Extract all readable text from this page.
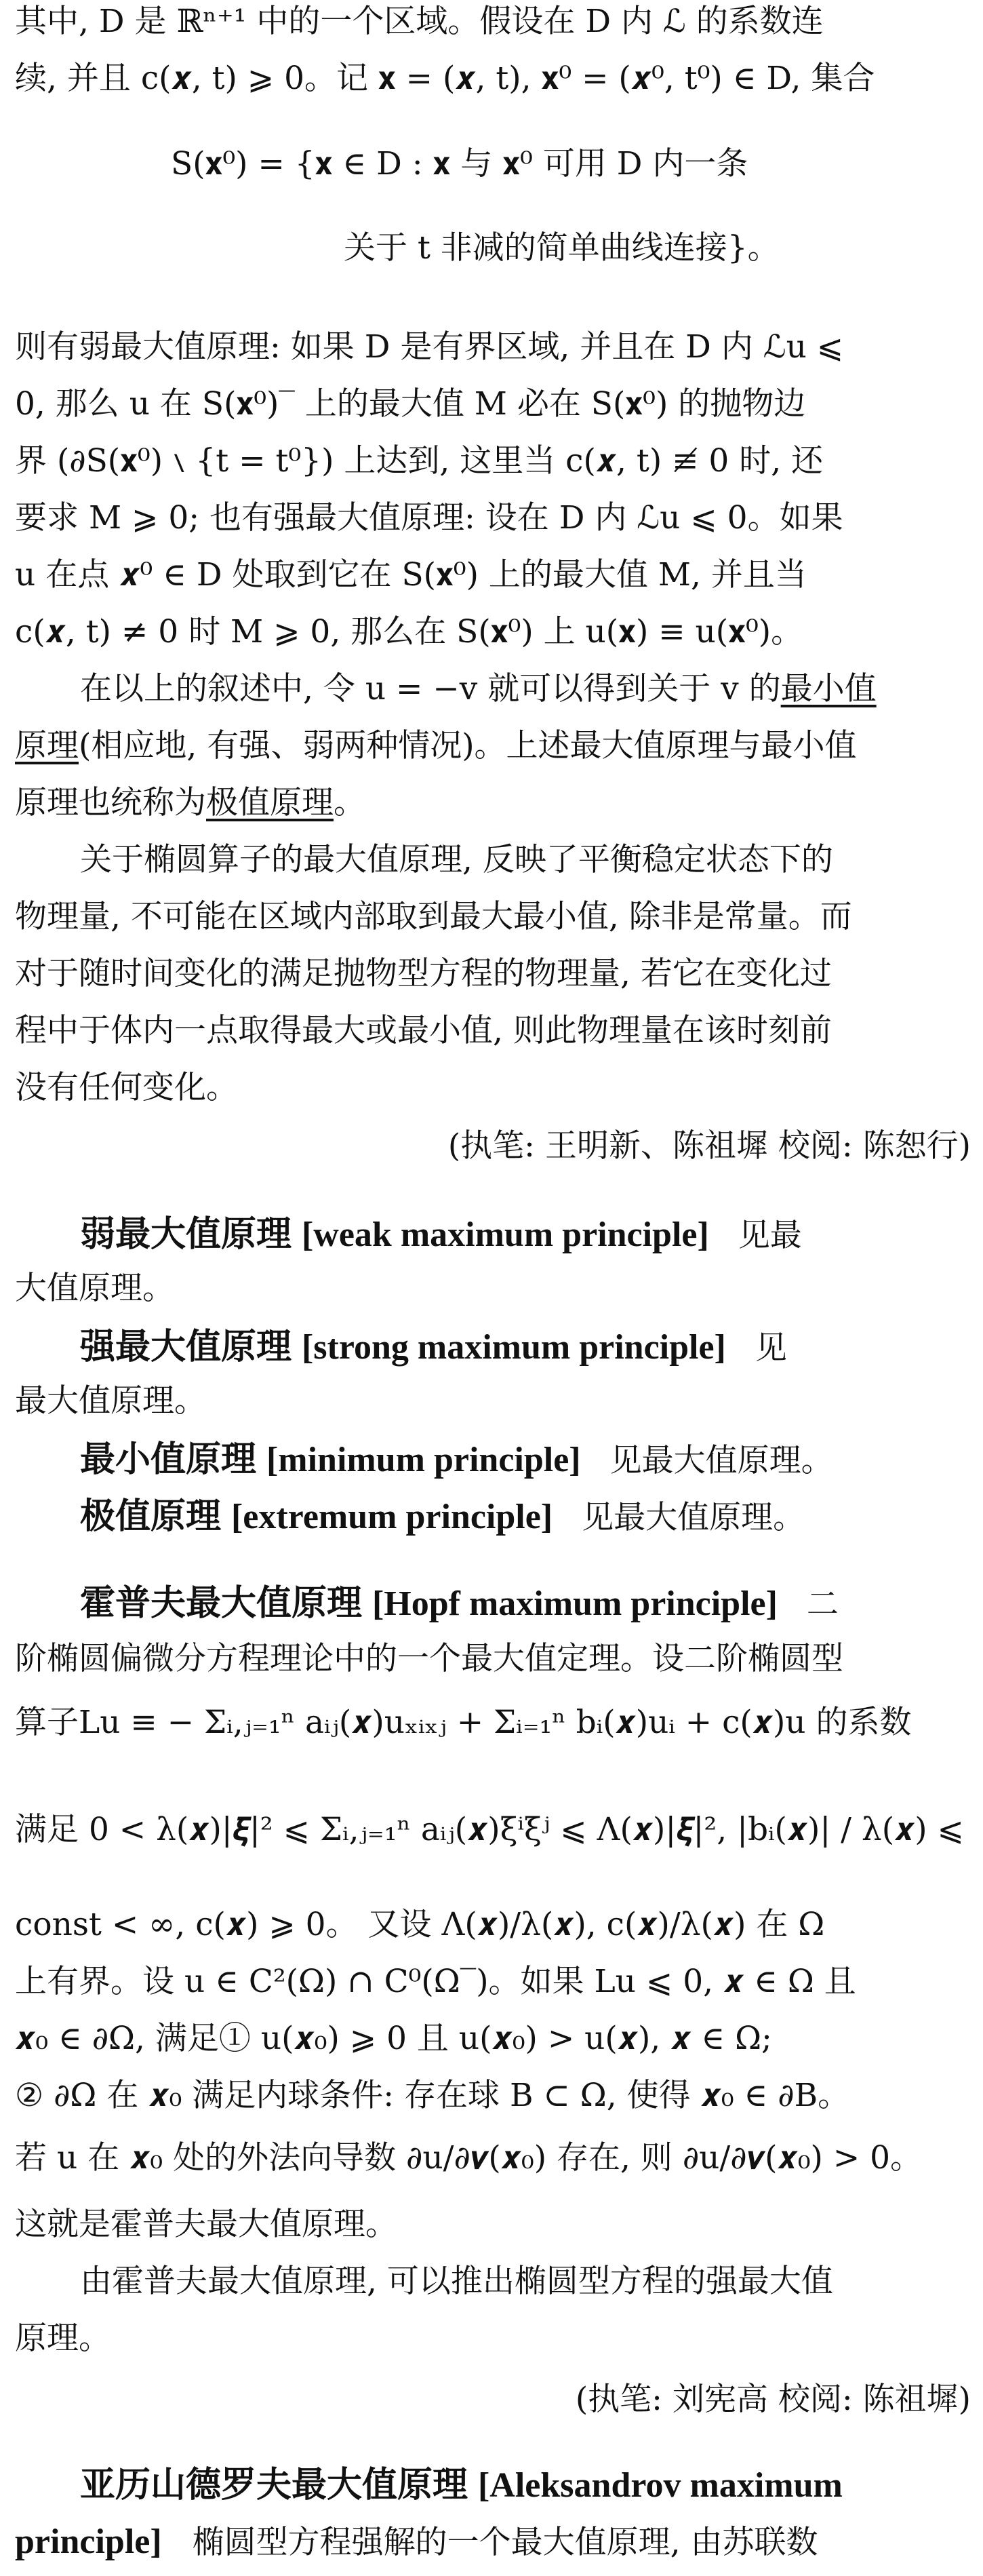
其中, D 是 ℝⁿ⁺¹ 中的一个区域。假设在 D 内 ℒ 的系数连
续, 并且 c(𝒙, t) ⩾ 0。记 𝐱 = (𝒙, t), 𝐱⁰ = (𝒙⁰, t⁰) ∈ D, 集合
S(𝐱⁰) = {𝐱 ∈ D : 𝐱 与 𝐱⁰ 可用 D 内一条
关于 t 非减的简单曲线连接}。
则有弱最大值原理: 如果 D 是有界区域, 并且在 D 内 ℒu ⩽
0, 那么 u 在 S(𝐱⁰)‾ 上的最大值 M 必在 S(𝐱⁰) 的抛物边
界 (∂S(𝐱⁰) ∖ {t = t⁰}) 上达到, 这里当 c(𝒙, t) ≢ 0 时, 还
要求 M ⩾ 0; 也有强最大值原理: 设在 D 内 ℒu ⩽ 0。如果
u 在点 𝒙⁰ ∈ D 处取到它在 S(𝐱⁰) 上的最大值 M, 并且当
c(𝒙, t) ≠ 0 时 M ⩾ 0, 那么在 S(𝐱⁰) 上 u(𝐱) ≡ u(𝐱⁰)。
在以上的叙述中, 令 u = −v 就可以得到关于 v 的最小值
原理(相应地, 有强、弱两种情况)。上述最大值原理与最小值
原理也统称为极值原理。
关于椭圆算子的最大值原理, 反映了平衡稳定状态下的
物理量, 不可能在区域内部取到最大最小值, 除非是常量。而
对于随时间变化的满足抛物型方程的物理量, 若它在变化过
程中于体内一点取得最大或最小值, 则此物理量在该时刻前
没有任何变化。
(执笔: 王明新、陈祖墀 校阅: 陈恕行)
弱最大值原理 [weak maximum principle] 见最
大值原理。
强最大值原理 [strong maximum principle] 见
最大值原理。
最小值原理 [minimum principle] 见最大值原理。
极值原理 [extremum principle] 见最大值原理。
霍普夫最大值原理 [Hopf maximum principle] 二
阶椭圆偏微分方程理论中的一个最大值定理。设二阶椭圆型
算子Lu ≡ − Σᵢ,ⱼ₌₁ⁿ aᵢⱼ(𝒙)uₓᵢₓⱼ + Σᵢ₌₁ⁿ bᵢ(𝒙)uᵢ + c(𝒙)u 的系数
满足 0 < λ(𝒙)|𝝃|² ⩽ Σᵢ,ⱼ₌₁ⁿ aᵢⱼ(𝒙)ξⁱξʲ ⩽ Λ(𝒙)|𝝃|², |bᵢ(𝒙)| / λ(𝒙) ⩽
const < ∞, c(𝒙) ⩾ 0。 又设 Λ(𝒙)/λ(𝒙), c(𝒙)/λ(𝒙) 在 Ω
上有界。设 u ∈ C²(Ω) ∩ C⁰(Ω‾)。如果 Lu ⩽ 0, 𝒙 ∈ Ω 且
𝒙₀ ∈ ∂Ω, 满足① u(𝒙₀) ⩾ 0 且 u(𝒙₀) > u(𝒙), 𝒙 ∈ Ω;
② ∂Ω 在 𝒙₀ 满足内球条件: 存在球 B ⊂ Ω, 使得 𝒙₀ ∈ ∂B。
若 u 在 𝒙₀ 处的外法向导数 ∂u/∂𝝂(𝒙₀) 存在, 则 ∂u/∂𝝂(𝒙₀) > 0。
这就是霍普夫最大值原理。
由霍普夫最大值原理, 可以推出椭圆型方程的强最大值
原理。
(执笔: 刘宪高 校阅: 陈祖墀)
亚历山德罗夫最大值原理 [Aleksandrov maximum
principle] 椭圆型方程强解的一个最大值原理, 由苏联数
